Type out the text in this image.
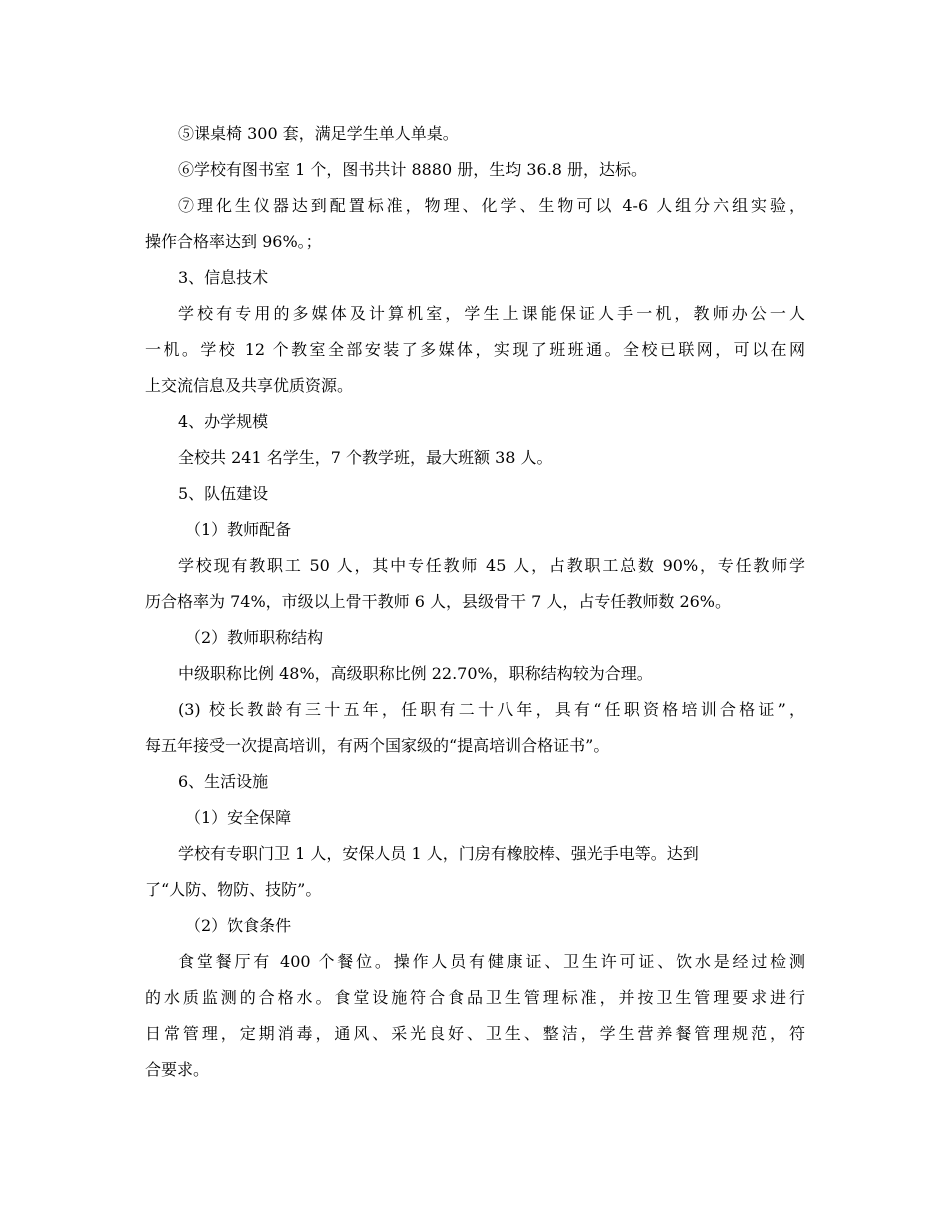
⑤课桌椅 300 套，满足学生单人单桌。
⑥学校有图书室 1 个，图书共计 8880 册，生均 36.8 册，达标。
⑦理化生仪器达到配置标准，物理、化学、生物可以 4-6 人组分六组实验，
操作合格率达到 96%。；
3、信息技术
学校有专用的多媒体及计算机室，学生上课能保证人手一机，教师办公一人
一机。学校 12 个教室全部安装了多媒体，实现了班班通。全校已联网，可以在网
上交流信息及共享优质资源。
4、办学规模
全校共 241 名学生，7 个教学班，最大班额 38 人。
5、队伍建设
（1）教师配备
学校现有教职工 50 人，其中专任教师 45 人，占教职工总数 90%，专任教师学
历合格率为 74%，市级以上骨干教师 6 人，县级骨干 7 人，占专任教师数 26%。
（2）教师职称结构
中级职称比例 48%，高级职称比例 22.70%，职称结构较为合理。
(3) 校长教龄有三十五年，任职有二十八年，具有“任职资格培训合格证”，
每五年接受一次提高培训，有两个国家级的“提高培训合格证书”。
6、生活设施
（1）安全保障
学校有专职门卫 1 人，安保人员 1 人，门房有橡胶棒、强光手电等。达到
了“人防、物防、技防”。
（2）饮食条件
食堂餐厅有 400 个餐位。操作人员有健康证、卫生许可证、饮水是经过检测
的水质监测的合格水。食堂设施符合食品卫生管理标准，并按卫生管理要求进行
日常管理，定期消毒，通风、采光良好、卫生、整洁，学生营养餐管理规范，符
合要求。
